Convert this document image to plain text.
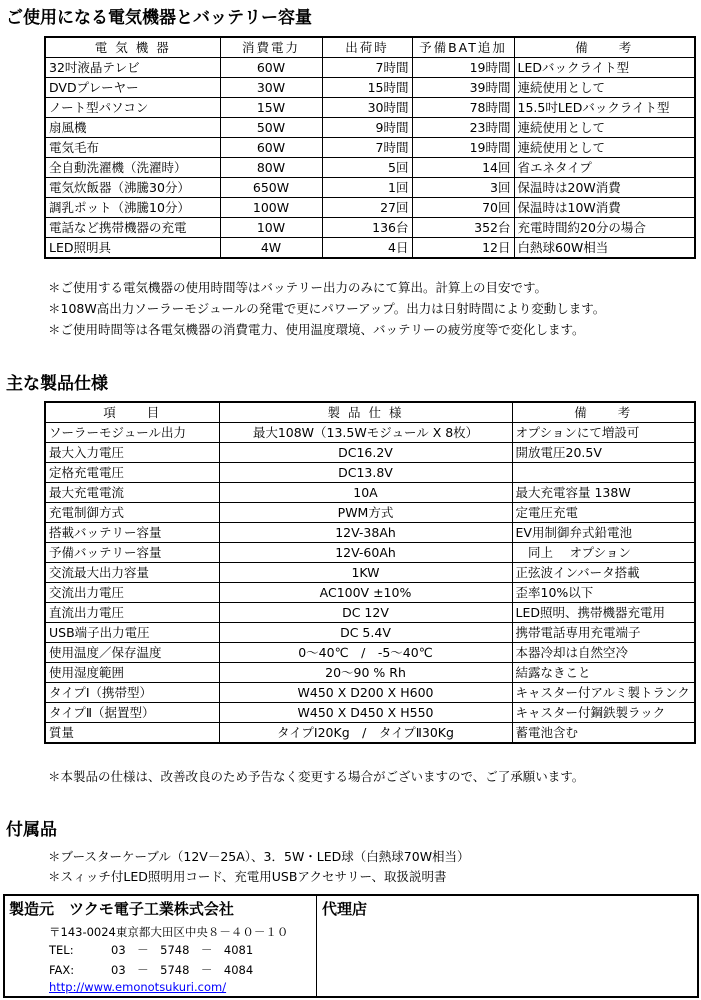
ご使用になる電気機器とバッテリー容量
電 気 機 器	消費電力	出荷時	予備BAT追加	備　　考
32吋液晶テレビ	60W	7時間	19時間	LEDバックライト型
DVDプレーヤー	30W	15時間	39時間	連続使用として
ノート型パソコン	15W	30時間	78時間	15.5吋LEDバックライト型
扇風機	50W	9時間	23時間	連続使用として
電気毛布	60W	7時間	19時間	連続使用として
全自動洗濯機（洗濯時）	80W	5回	14回	省エネタイプ
電気炊飯器（沸騰30分）	650W	1回	3回	保温時は20W消費
調乳ポット（沸騰10分）	100W	27回	70回	保温時は10W消費
電話など携帯機器の充電	10W	136台	352台	充電時間約20分の場合
LED照明具	4W	4日	12日	白熱球60W相当

＊ご使用する電気機器の使用時間等はバッテリー出力のみにて算出。計算上の目安です。

＊108W高出力ソーラーモジュールの発電で更にパワーアップ。出力は日射時間により変動します。

＊ご使用時間等は各電気機器の消費電力、使用温度環境、バッテリーの疲労度等で変化します。

主な製品仕様
項　　目	製 品 仕 様	備　　考
ソーラーモジュール出力	最大108W（13.5Wモジュール X 8枚）	オプションにて増設可
最大入力電圧	DC16.2V	開放電圧20.5V
定格充電電圧	DC13.8V	
最大充電電流	10A	最大充電容量 138W
充電制御方式	PWM方式	定電圧充電
搭載バッテリー容量	12V-38Ah	EV用制御弁式鉛電池
予備バッテリー容量	12V-60Ah	　同上　 オプション
交流最大出力容量	1KW	正弦波インバータ搭載
交流出力電圧	AC100V ±10%	歪率10%以下
直流出力電圧	DC 12V	LED照明、携帯機器充電用
USB端子出力電圧	DC 5.4V	携帯電話専用充電端子
使用温度／保存温度	0～40℃　/　-5～40℃	本器冷却は自然空冷
使用湿度範囲	20～90 % Rh	結露なきこと
タイプⅠ（携帯型）	W450 X D200 X H600	キャスター付アルミ製トランク
タイプⅡ（据置型）	W450 X D450 X H550	キャスター付鋼鉄製ラック
質量	タイプⅠ20Kg　/　タイプⅡ30Kg	蓄電池含む

＊本製品の仕様は、改善改良のため予告なく変更する場合がございますので、ご了承願います。

付属品

＊ブースターケーブル（12V－25A）、3．5W・LED球（白熱球70W相当）

＊スィッチ付LED照明用コード、充電用USBアクセサリー、取扱説明書

製造元　ツクモ電子工業株式会社
〒143-0024東京都大田区中央８－４０－１０
TEL:	03　－　5748　－　4081
FAX:	03　－　5748　－　4084
http://www.emonotsukuri.com/
代理店
